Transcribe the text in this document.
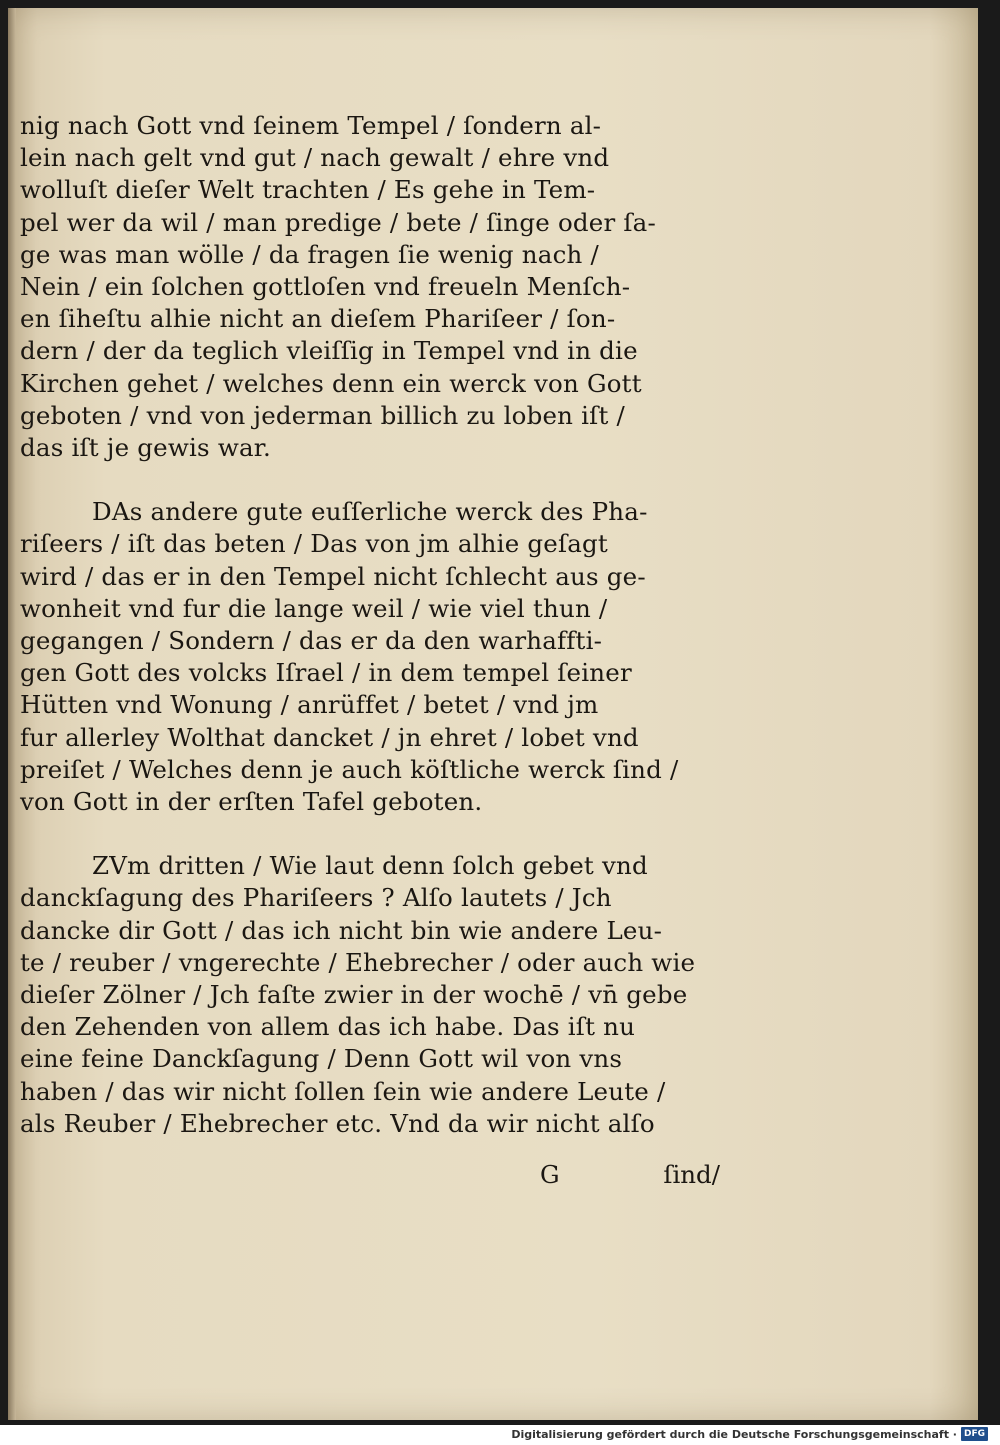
nig nach Gott vnd ſeinem Tempel / ſondern al-
lein nach gelt vnd gut / nach gewalt / ehre vnd
wolluſt dieſer Welt trachten / Es gehe in Tem-
pel wer da wil / man predige / bete / ſinge oder ſa-
ge was man wölle / da fragen ſie wenig nach /
Nein / ein ſolchen gottloſen vnd freueln Menſch-
en ſiheſtu alhie nicht an dieſem Phariſeer / ſon-
dern / der da teglich vleiſſig in Tempel vnd in die
Kirchen gehet / welches denn ein werck von Gott
geboten / vnd von jederman billich zu loben iſt /
das iſt je gewis war.

DAs andere gute euſſerliche werck des Pha-
riſeers / iſt das beten / Das von jm alhie geſagt
wird / das er in den Tempel nicht ſchlecht aus ge-
wonheit vnd fur die lange weil / wie viel thun /
gegangen / Sondern / das er da den warhaffti-
gen Gott des volcks Iſrael / in dem tempel ſeiner
Hütten vnd Wonung / anrüffet / betet / vnd jm
fur allerley Wolthat dancket / jn ehret / lobet vnd
preiſet / Welches denn je auch köſtliche werck ſind /
von Gott in der erſten Tafel geboten.

ZVm dritten / Wie laut denn ſolch gebet vnd
danckſagung des Phariſeers ? Alſo lautets / Jch
dancke dir Gott / das ich nicht bin wie andere Leu-
te / reuber / vngerechte / Ehebrecher / oder auch wie
dieſer Zölner / Jch faſte zwier in der wochē / vn̄ gebe
den Zehenden von allem das ich habe. Das iſt nu
eine feine Danckſagung / Denn Gott wil von vns
haben / das wir nicht ſollen ſein wie andere Leute /
als Reuber / Ehebrecher etc. Vnd da wir nicht alſo

G	ſind/
Digitalisierung gefördert durch die Deutsche Forschungsgemeinschaft · DFG
